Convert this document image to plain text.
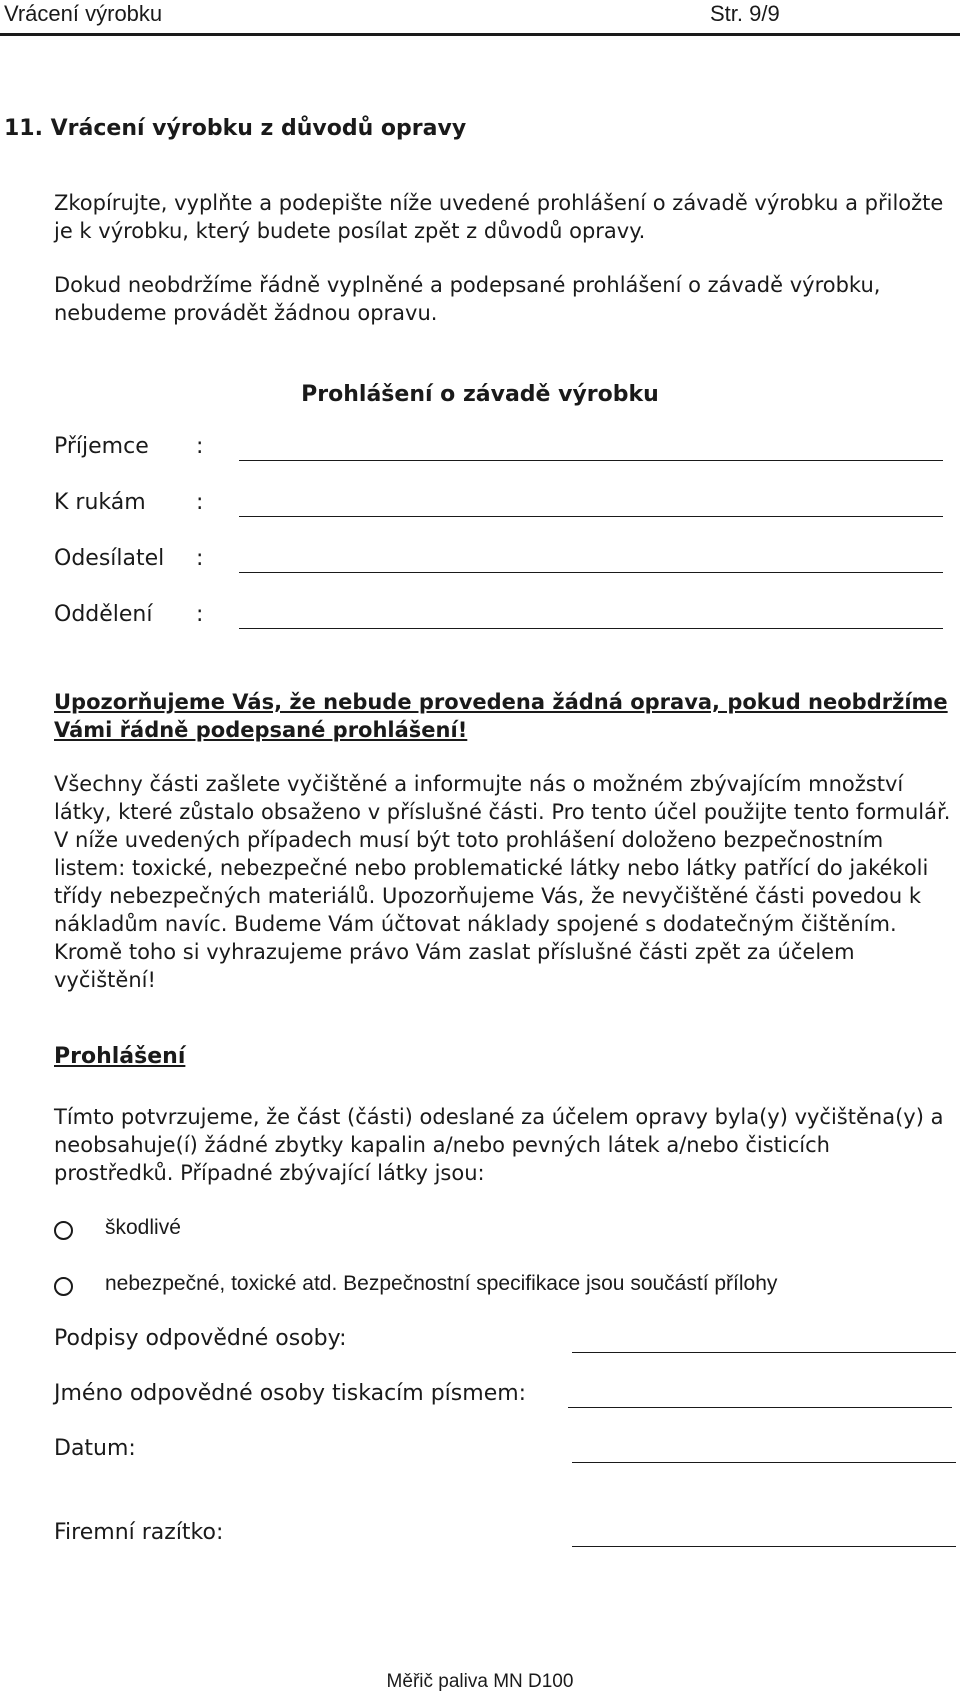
Vrácení výrobku	Str. 9/9
11. Vrácení výrobku z důvodů opravy

Zkopírujte, vyplňte a podepište níže uvedené prohlášení o závadě výrobku a přiložte je k výrobku, který budete posílat zpět z důvodů opravy.

Dokud neobdržíme řádně vyplněné a podepsané prohlášení o závadě výrobku, nebudeme provádět žádnou opravu.

Prohlášení o závadě výrobku
Příjemce :
K rukám :
Odesílatel :
Oddělení :
Upozorňujeme Vás, že nebude provedena žádná oprava, pokud neobdržíme Vámi řádně podepsané prohlášení!

Všechny části zašlete vyčištěné a informujte nás o možném zbývajícím množství látky, které zůstalo obsaženo v příslušné části. Pro tento účel použijte tento formulář. V níže uvedených případech musí být toto prohlášení doloženo bezpečnostním listem: toxické, nebezpečné nebo problematické látky nebo látky patřící do jakékoli třídy nebezpečných materiálů. Upozorňujeme Vás, že nevyčištěné části povedou k nákladům navíc. Budeme Vám účtovat náklady spojené s dodatečným čištěním. Kromě toho si vyhrazujeme právo Vám zaslat příslušné části zpět za účelem vyčištění!

Prohlášení

Tímto potvrzujeme, že část (části) odeslané za účelem opravy byla(y) vyčištěna(y) a neobsahuje(í) žádné zbytky kapalin a/nebo pevných látek a/nebo čisticích prostředků. Případné zbývající látky jsou:

škodlivé
nebezpečné, toxické atd. Bezpečnostní specifikace jsou součástí přílohy
Podpisy odpovědné osoby:
Jméno odpovědné osoby tiskacím písmem:
Datum:
Firemní razítko:
Měřič paliva MN D100
